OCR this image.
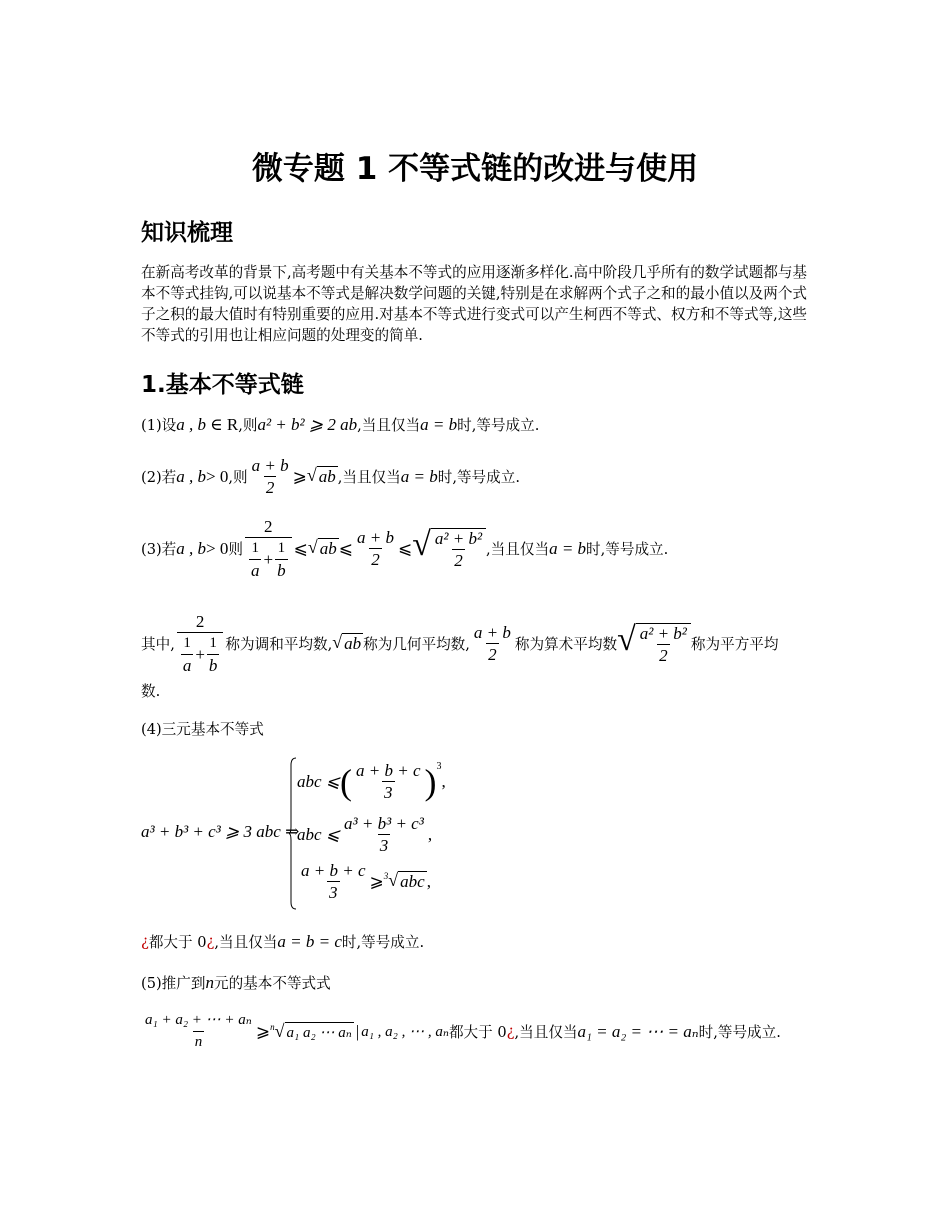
微专题 1 不等式链的改进与使用
知识梳理
在新高考改革的背景下,高考题中有关基本不等式的应用逐渐多样化.高中阶段几乎所有的数学试题都与基本不等式挂钩,可以说基本不等式是解决数学问题的关键,特别是在求解两个式子之和的最小值以及两个式子之积的最大值时有特别重要的应用.对基本不等式进行变式可以产生柯西不等式、权方和不等式等,这些不等式的引用也让相应问题的处理变的简单.
1.基本不等式链
(1)设 a , b ∈ R ,则 a² + b² ⩾ 2 ab ,当且仅当 a = b 时,等号成立.
(2)若 a , b > 0 ,则 $\frac{a + b}{2}$ ⩾ √ ab ,当且仅当 a = b 时,等号成立.
(3)若 a , b > 0 则
2
$\frac{1}{a} + \frac{1}{b}$ ⩽ √ ab ⩽ $\frac{a + b}{2}$ ⩽ √ $\frac{\text{a² + b²}}{2}$ ,当且仅当 a = b 时,等号成立.
其中,
2
$\frac{1}{a} + \frac{1}{b}$ 称为调和平均数, √ ab 称为几何平均数, $\frac{a + b}{2}$ 称为算术平均数 √ $\frac{\text{a² + b²}}{2}$ 称为平方平均
数.
(4)三元基本不等式
a³ + b³ + c³ ⩾ 3 abc ⇒
abc ⩽ ( $\frac{a + b + c}{3}$ ) 3
,
abc ⩽ $\frac{\text{a³ + b³ + c³}}{3}$ ,
$\frac{a + b + c}{3}$ ⩾ 3 √ abc ,
¿ 都大于 0 ¿ ,当且仅当 a = b = c 时,等号成立.
(5)推广到 n 元的基本不等式式
$\frac{\text{a₁ + a₂ + ⋯ + aₙ}}{n}$ ⩾ n √ a₁ a₂ ⋯ aₙ | a₁ , a₂ , ⋯ , aₙ 都大于 0 ¿ ,当且仅当 a₁ = a₂ = ⋯ = aₙ 时,等号成立.
